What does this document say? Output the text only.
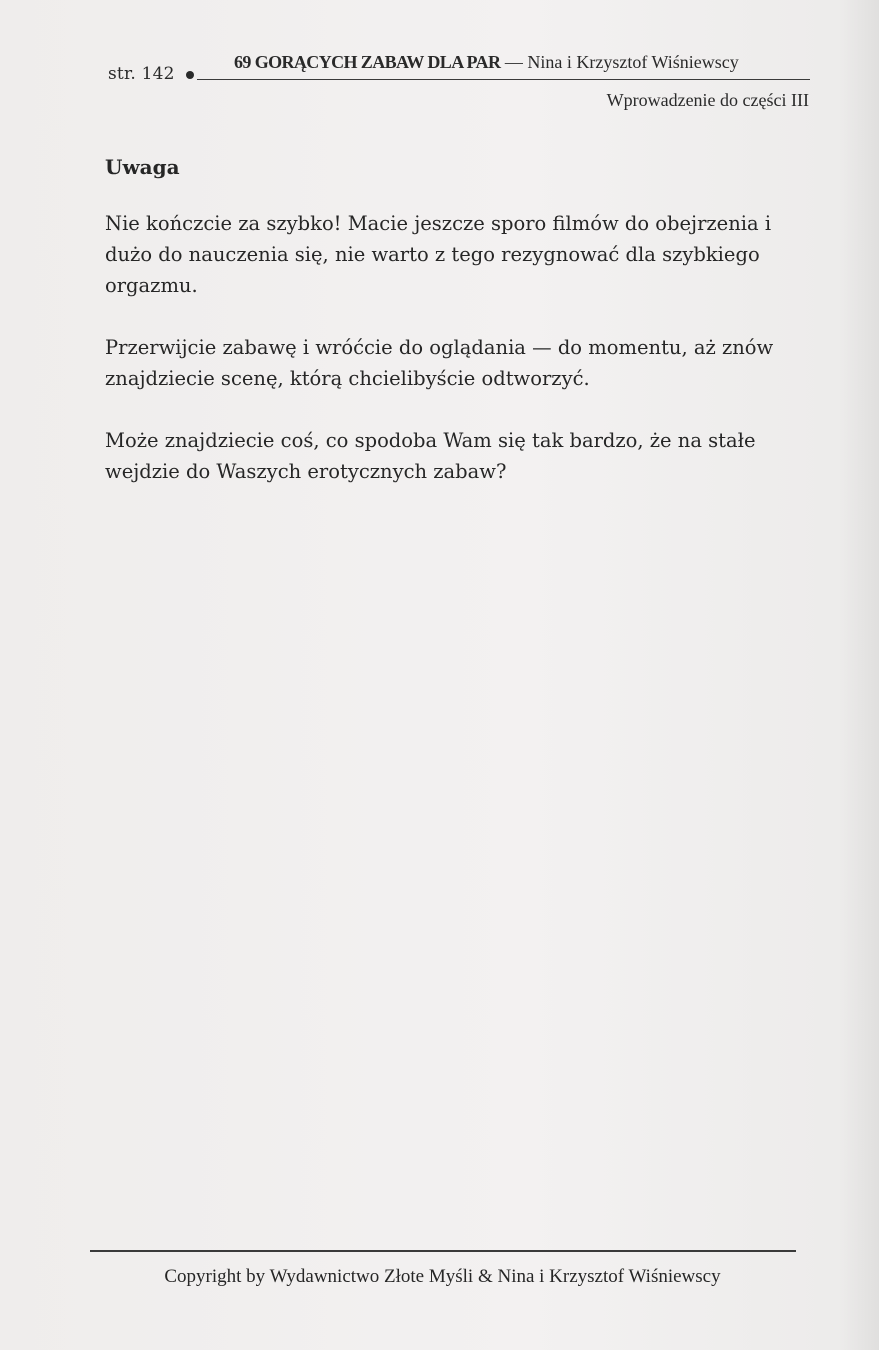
str. 142
69 GORĄCYCH ZABAW DLA PAR — Nina i Krzysztof Wiśniewscy
Wprowadzenie do części III
Uwaga

Nie kończcie za szybko! Macie jeszcze sporo filmów do obejrzenia i dużo do nauczenia się, nie warto z tego rezygnować dla szybkiego orgazmu.

Przerwijcie zabawę i wróćcie do oglądania — do momentu, aż znów znajdziecie scenę, którą chcielibyście odtworzyć.

Może znajdziecie coś, co spodoba Wam się tak bardzo, że na stałe wejdzie do Waszych erotycznych zabaw?

Copyright by Wydawnictwo Złote Myśli & Nina i Krzysztof Wiśniewscy
